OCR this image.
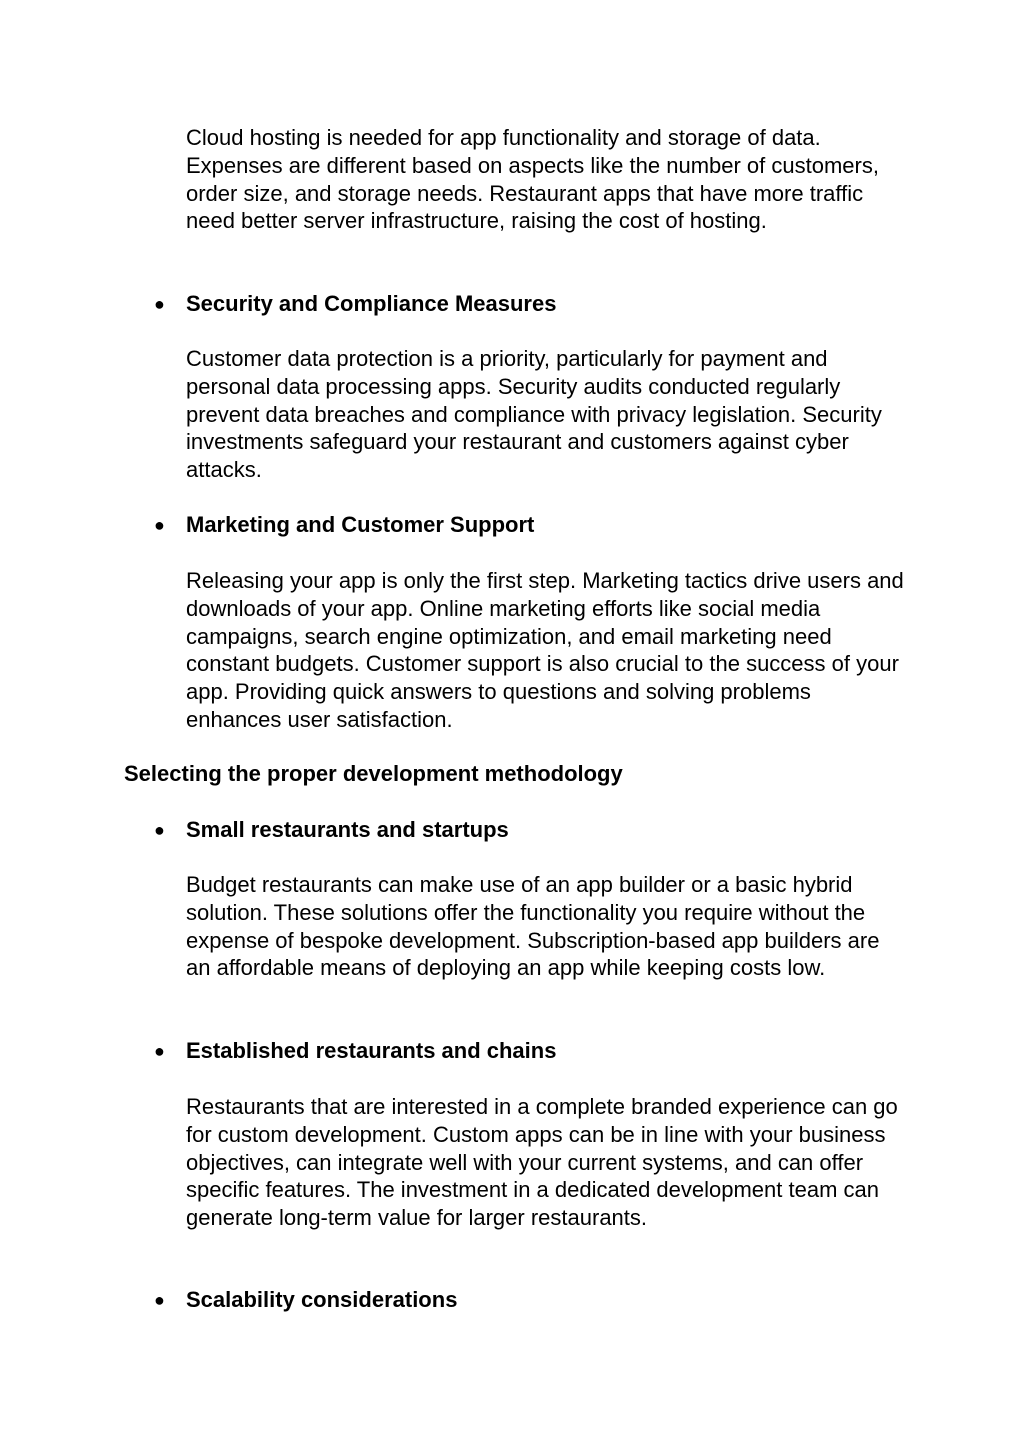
Cloud hosting is needed for app functionality and storage of data. Expenses are different based on aspects like the number of customers, order size, and storage needs. Restaurant apps that have more traffic need better server infrastructure, raising the cost of hosting.

● Security and Compliance Measures

Customer data protection is a priority, particularly for payment and personal data processing apps. Security audits conducted regularly prevent data breaches and compliance with privacy legislation. Security investments safeguard your restaurant and customers against cyber attacks.

● Marketing and Customer Support

Releasing your app is only the first step. Marketing tactics drive users and downloads of your app. Online marketing efforts like social media campaigns, search engine optimization, and email marketing need constant budgets. Customer support is also crucial to the success of your app. Providing quick answers to questions and solving problems enhances user satisfaction.

Selecting the proper development methodology
● Small restaurants and startups

Budget restaurants can make use of an app builder or a basic hybrid solution. These solutions offer the functionality you require without the expense of bespoke development. Subscription-based app builders are an affordable means of deploying an app while keeping costs low.

● Established restaurants and chains

Restaurants that are interested in a complete branded experience can go for custom development. Custom apps can be in line with your business objectives, can integrate well with your current systems, and can offer specific features. The investment in a dedicated development team can generate long-term value for larger restaurants.

● Scalability considerations
